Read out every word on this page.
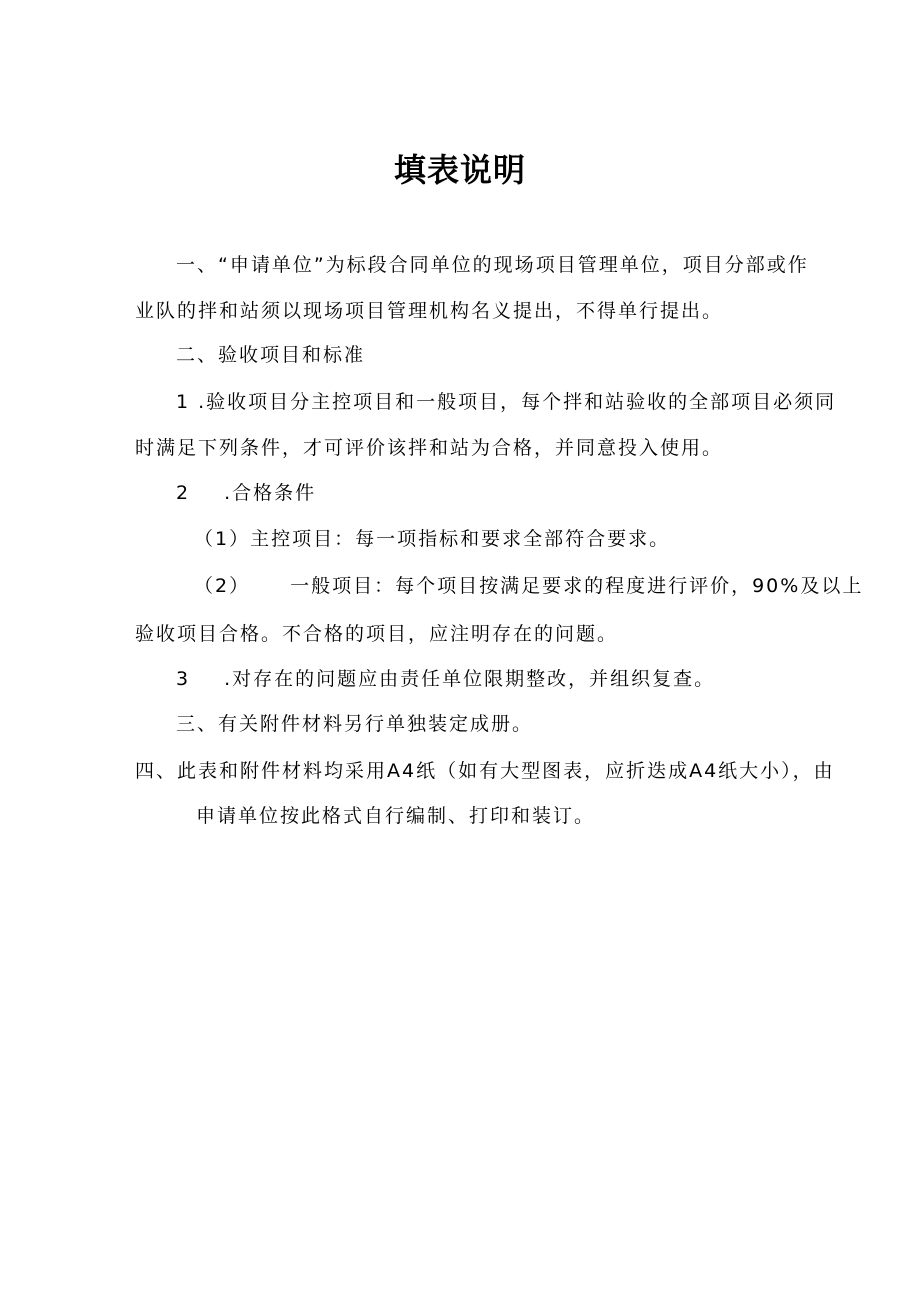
填表说明
一、“申请单位”为标段合同单位的现场项目管理单位，项目分部或作
业队的拌和站须以现场项目管理机构名义提出，不得单行提出。
二、验收项目和标准
1 .验收项目分主控项目和一般项目，每个拌和站验收的全部项目必须同
时满足下列条件，才可评价该拌和站为合格，并同意投入使用。
2 .合格条件
（1）主控项目：每一项指标和要求全部符合要求。
（2） 一般项目：每个项目按满足要求的程度进行评价，90%及以上
验收项目合格。不合格的项目，应注明存在的问题。
3 .对存在的问题应由责任单位限期整改，并组织复查。
三、有关附件材料另行单独装定成册。
四、此表和附件材料均采用A4纸（如有大型图表，应折迭成A4纸大小），由
申请单位按此格式自行编制、打印和装订。
